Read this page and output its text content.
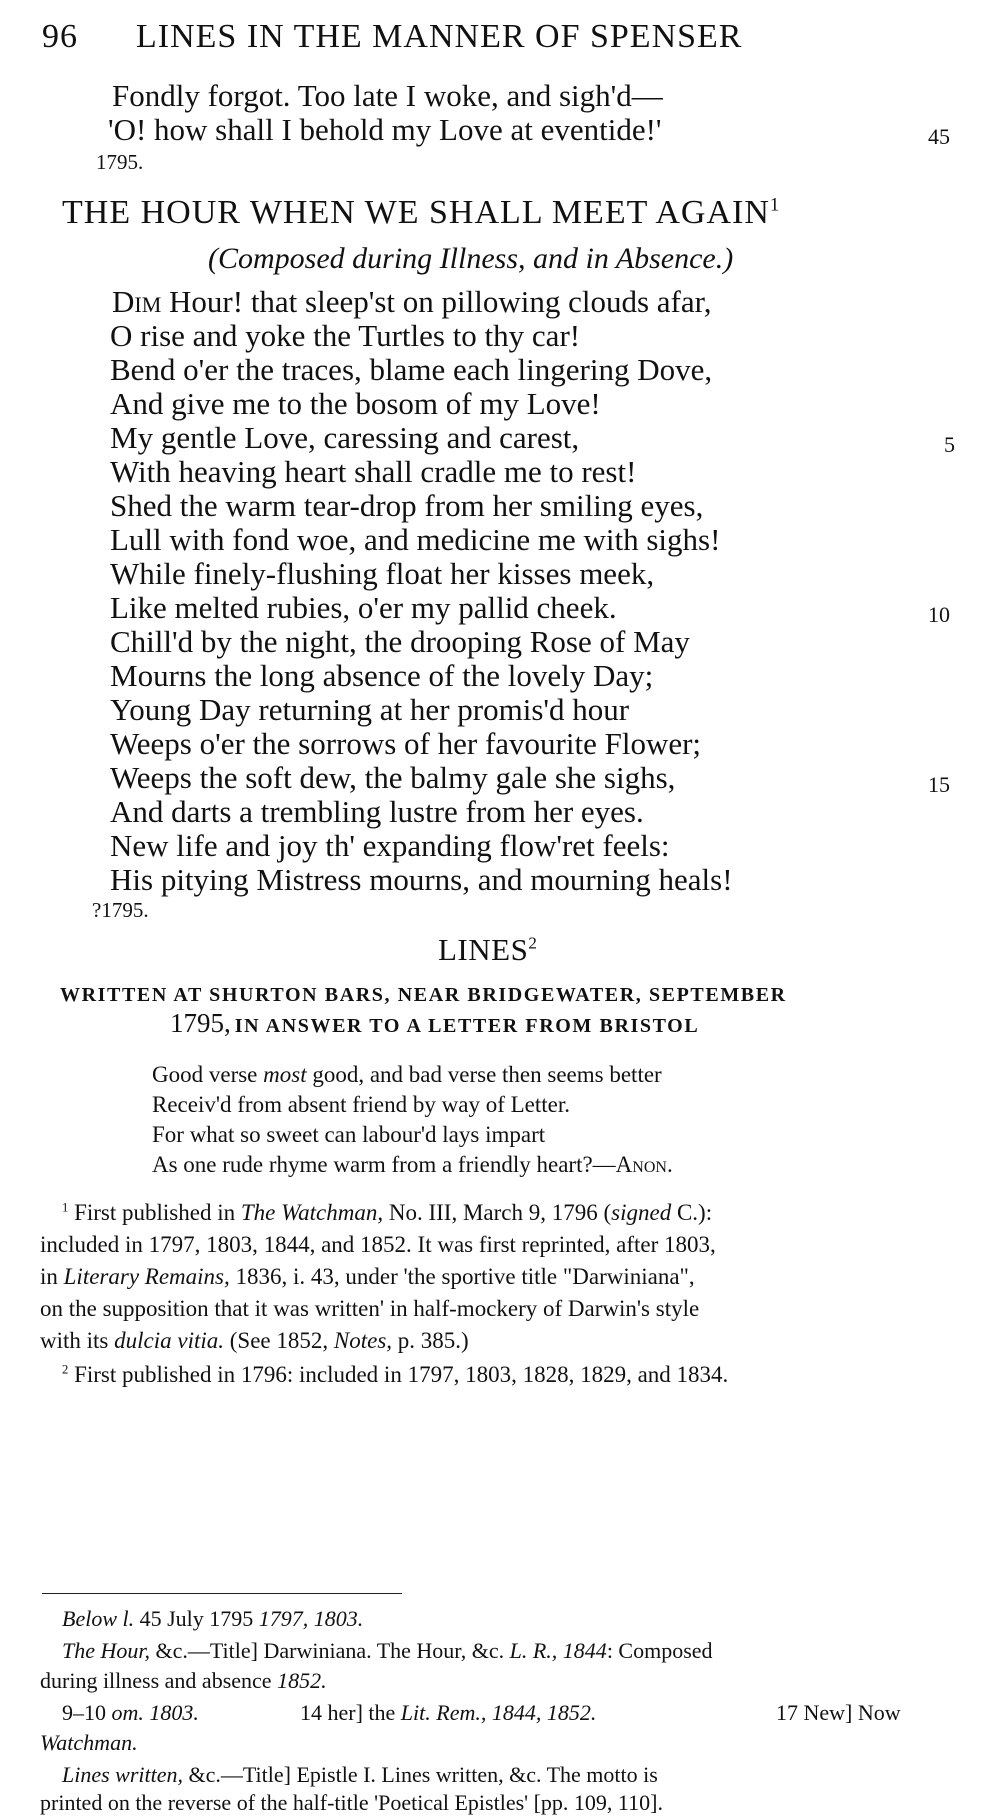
96 LINES IN THE MANNER OF SPENSER
Fondly forgot. Too late I woke, and sigh'd—
'O! how shall I behold my Love at eventide!'	45
1795.
THE HOUR WHEN WE SHALL MEET AGAIN$^1$
(Composed during Illness, and in Absence.)
Dim Hour! that sleep'st on pillowing clouds afar,
O rise and yoke the Turtles to thy car!
Bend o'er the traces, blame each lingering Dove,
And give me to the bosom of my Love!
My gentle Love, caressing and carest,	5
With heaving heart shall cradle me to rest!
Shed the warm tear-drop from her smiling eyes,
Lull with fond woe, and medicine me with sighs!
While finely-flushing float her kisses meek,
Like melted rubies, o'er my pallid cheek.	10
Chill'd by the night, the drooping Rose of May
Mourns the long absence of the lovely Day;
Young Day returning at her promis'd hour
Weeps o'er the sorrows of her favourite Flower;
Weeps the soft dew, the balmy gale she sighs,	15
And darts a trembling lustre from her eyes.
New life and joy th' expanding flow'ret feels:
His pitying Mistress mourns, and mourning heals!
?1795.
LINES$^2$
WRITTEN AT SHURTON BARS, NEAR BRIDGEWATER, SEPTEMBER
1795, IN ANSWER TO A LETTER FROM BRISTOL
Good verse most good, and bad verse then seems better
Receiv'd from absent friend by way of Letter.
For what so sweet can labour'd lays impart
As one rude rhyme warm from a friendly heart?—Anon.
$^1$ First published in The Watchman, No. III, March 9, 1796 (signed C.):
included in 1797, 1803, 1844, and 1852. It was first reprinted, after 1803,
in Literary Remains, 1836, i. 43, under 'the sportive title "Darwiniana",
on the supposition that it was written' in half-mockery of Darwin's style
with its dulcia vitia. (See 1852, Notes, p. 385.)
$^2$ First published in 1796: included in 1797, 1803, 1828, 1829, and 1834.
Below l. 45 July 1795 1797, 1803.
The Hour, &c.—Title] Darwiniana. The Hour, &c. L. R., 1844: Composed
during illness and absence 1852.
9–10 om. 1803.	14 her] the Lit. Rem., 1844, 1852.	17 New] Now
Watchman.
Lines written, &c.—Title] Epistle I. Lines written, &c. The motto is
printed on the reverse of the half-title 'Poetical Epistles' [pp. 109, 110].
